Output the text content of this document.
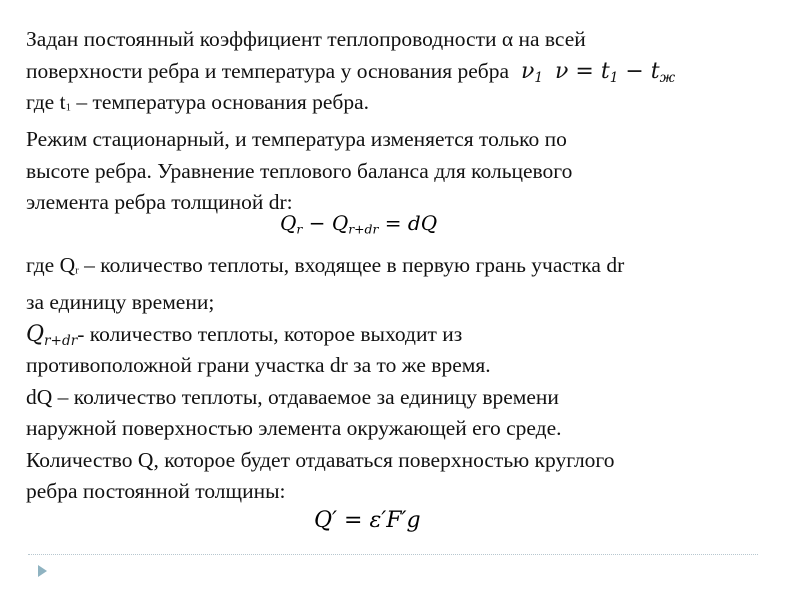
Задан постоянный коэффициент теплопроводности α на всей
поверхности ребра и температура у основания ребра $\nu_1$ $\nu = t_1 - t_ж$
где $t_1$ – температура основания ребра.
Режим стационарный, и температура изменяется только по
высоте ребра. Уравнение теплового баланса для кольцевого
элемента ребра толщиной dr:
где $Q_r$ – количество теплоты, входящее в первую грань участка dr
за единицу времени;
$Q_{r+dr}-$ количество теплоты, которое выходит из
противоположной грани участка dr за то же время.
dQ – количество теплоты, отдаваемое за единицу времени
наружной поверхностью элемента окружающей его среде.
Количество Q, которое будет отдаваться поверхностью круглого
ребра постоянной толщины:
$Q_r - Q_{r+dr}$ = dQ
Q′ = ε′F′g
